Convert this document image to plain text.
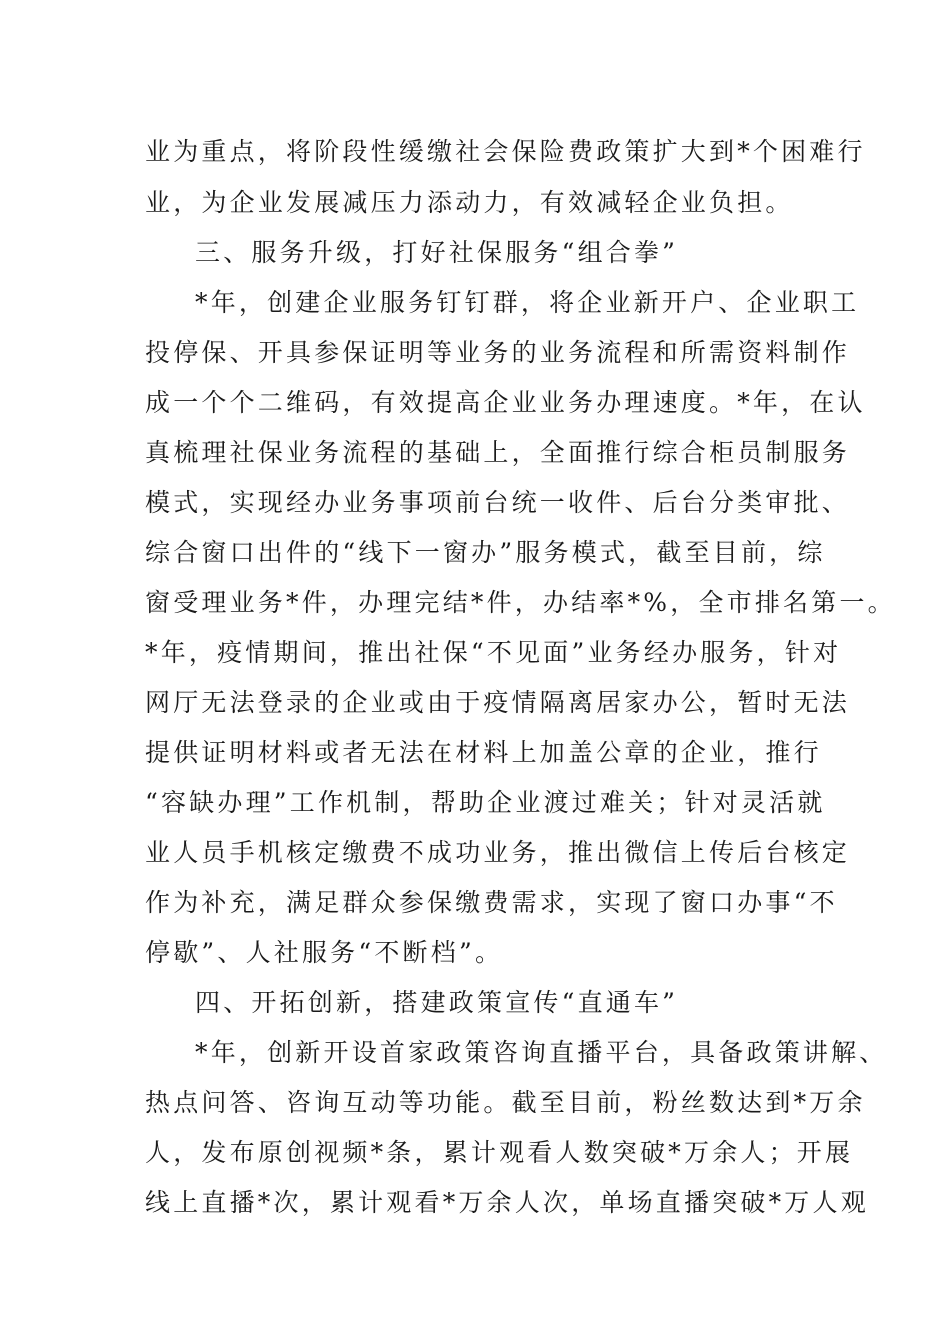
业为重点，将阶段性缓缴社会保险费政策扩大到*个困难行
业，为企业发展减压力添动力，有效减轻企业负担。
三、服务升级，打好社保服务“组合拳”
*年，创建企业服务钉钉群，将企业新开户、企业职工
投停保、开具参保证明等业务的业务流程和所需资料制作
成一个个二维码，有效提高企业业务办理速度。*年，在认
真梳理社保业务流程的基础上，全面推行综合柜员制服务
模式，实现经办业务事项前台统一收件、后台分类审批、
综合窗口出件的“线下一窗办”服务模式，截至目前，综
窗受理业务*件，办理完结*件，办结率*%，全市排名第一。
*年，疫情期间，推出社保“不见面”业务经办服务，针对
网厅无法登录的企业或由于疫情隔离居家办公，暂时无法
提供证明材料或者无法在材料上加盖公章的企业，推行
“容缺办理”工作机制，帮助企业渡过难关；针对灵活就
业人员手机核定缴费不成功业务，推出微信上传后台核定
作为补充，满足群众参保缴费需求，实现了窗口办事“不
停歇”、人社服务“不断档”。
四、开拓创新，搭建政策宣传“直通车”
*年，创新开设首家政策咨询直播平台，具备政策讲解、
热点问答、咨询互动等功能。截至目前，粉丝数达到*万余
人，发布原创视频*条，累计观看人数突破*万余人；开展
线上直播*次，累计观看*万余人次，单场直播突破*万人观
